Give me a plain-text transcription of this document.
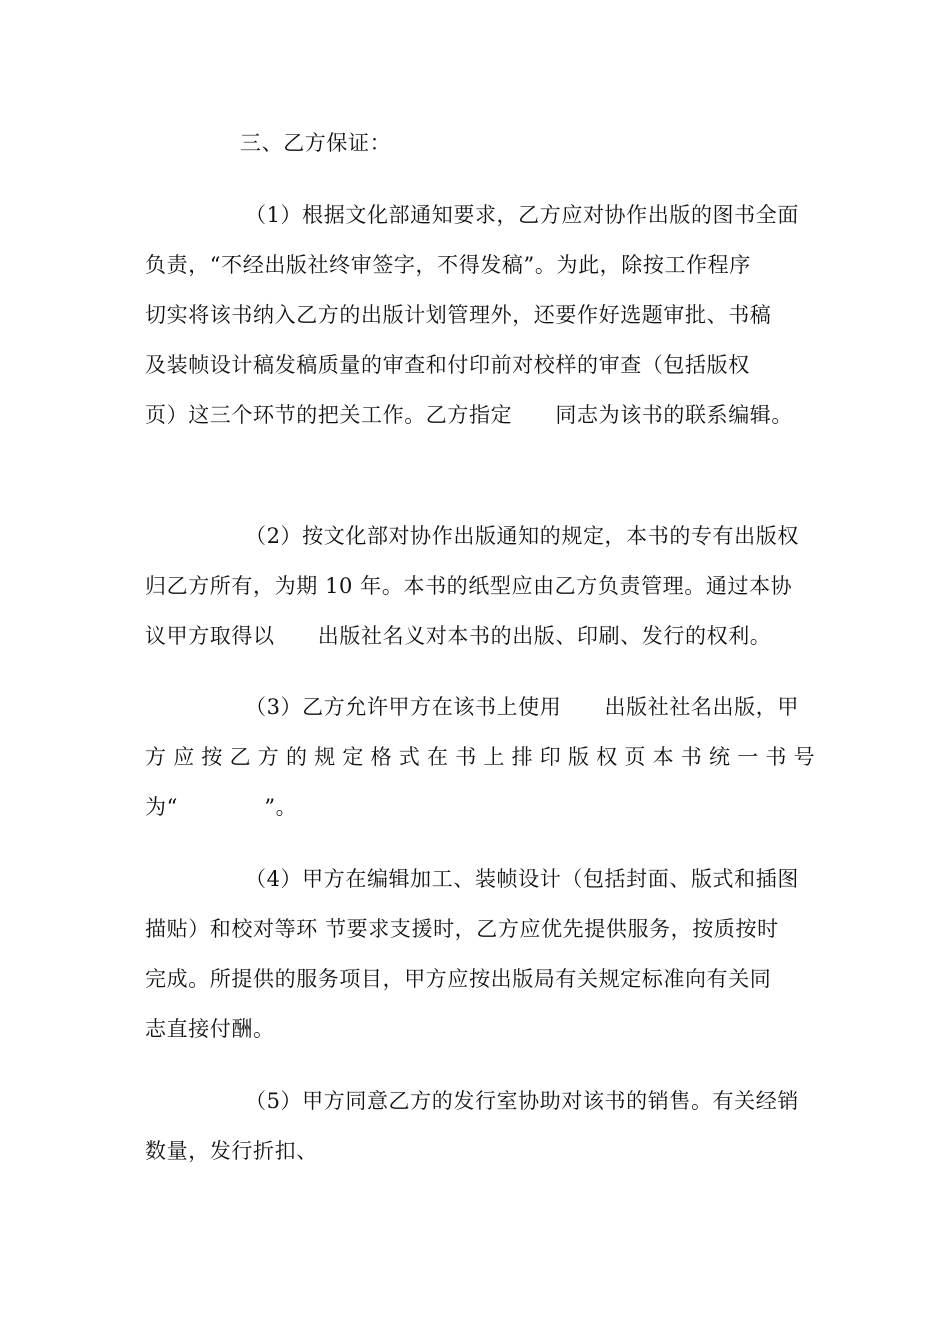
三、乙方保证：
（1）根据文化部通知要求，乙方应对协作出版的图书全面
负责，“不经出版社终审签字，不得发稿”。为此，除按工作程序
切实将该书纳入乙方的出版计划管理外，还要作好选题审批、书稿
及装帧设计稿发稿质量的审查和付印前对校样的审查（包括版权
页）这三个环节的把关工作。乙方指定　　同志为该书的联系编辑。
（2）按文化部对协作出版通知的规定，本书的专有出版权
归乙方所有，为期 10 年。本书的纸型应由乙方负责管理。通过本协
议甲方取得以　　出版社名义对本书的出版、印刷、发行的权利。
（3）乙方允许甲方在该书上使用　　出版社社名出版，甲
方应按乙方的规定格式在书上排印版权页本书统一书号
为“　　　　”。
（4）甲方在编辑加工、装帧设计（包括封面、版式和插图
描贴）和校对等环 节要求支援时，乙方应优先提供服务，按质按时
完成。所提供的服务项目，甲方应按出版局有关规定标准向有关同
志直接付酬。
（5）甲方同意乙方的发行室协助对该书的销售。有关经销
数量，发行折扣、
